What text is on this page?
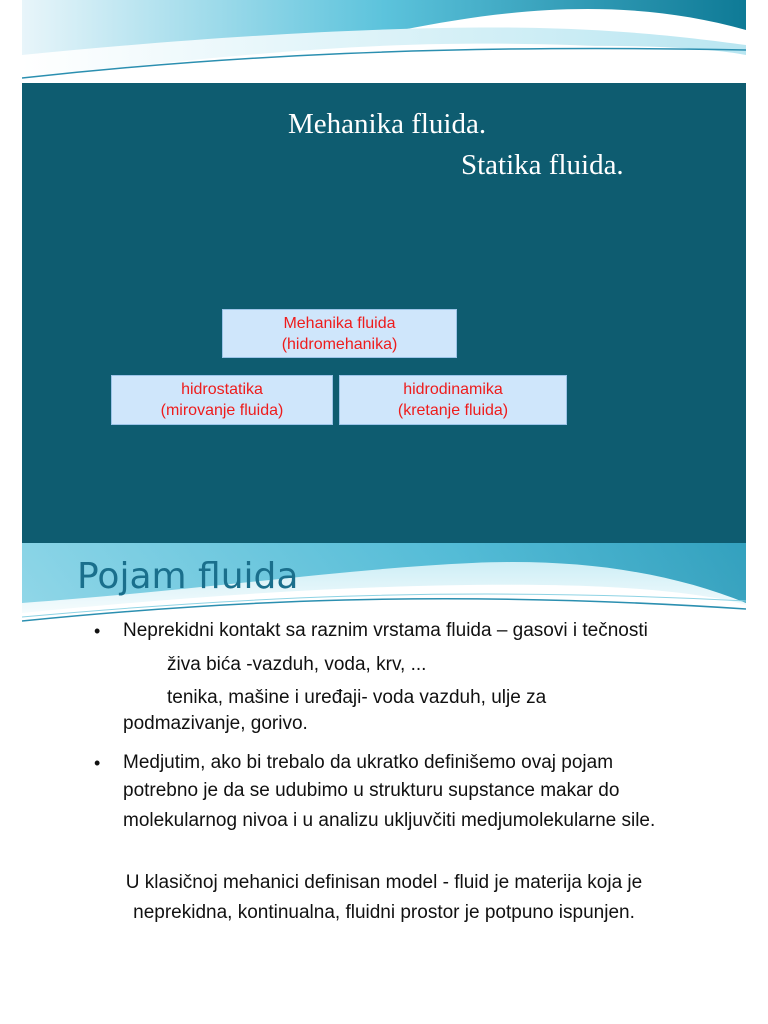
Mehanika fluida.
Statika fluida.
Mehanika fluida
(hidromehanika)
hidrostatika
(mirovanje fluida)
hidrodinamika
(kretanje fluida)
Pojam fluida
• Neprekidni kontakt sa raznim vrstama fluida – gasovi i tečnosti
živa bića -vazduh, voda, krv, ...
tenika, mašine i uređaji- voda vazduh, ulje za
podmazivanje, gorivo.
• Medjutim, ako bi trebalo da ukratko definišemo ovaj pojam
potrebno je da se udubimo u strukturu supstance makar do
molekularnog nivoa i u analizu ukljuvčiti medjumolekularne sile.
U klasičnoj mehanici definisan model - fluid je materija koja je
neprekidna, kontinualna, fluidni prostor je potpuno ispunjen.
